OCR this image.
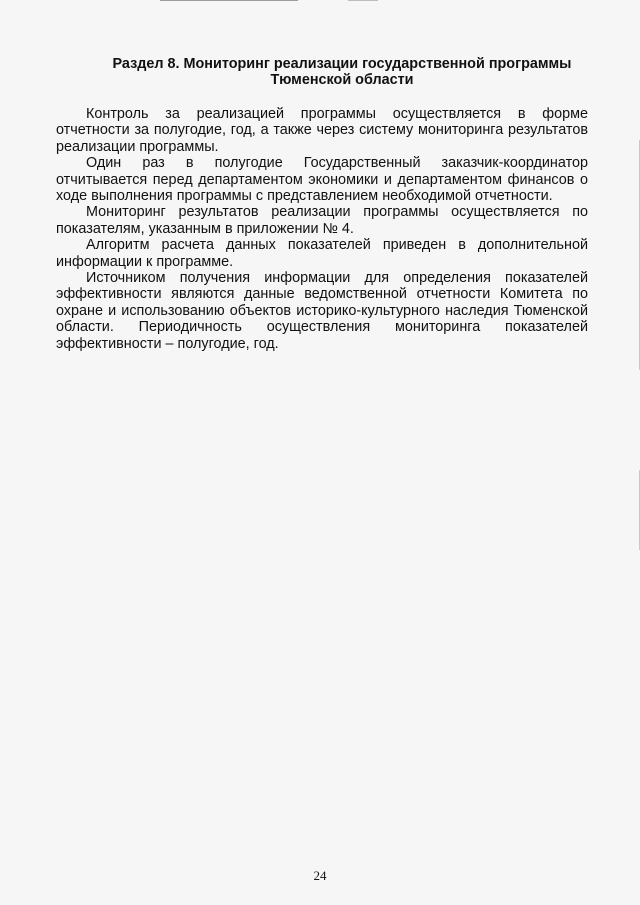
Раздел 8. Мониторинг реализации государственной программы
Тюменской области

Контроль за реализацией программы осуществляется в форме отчетности за полугодие, год, а также через систему мониторинга результатов реализации программы.

Один раз в полугодие Государственный заказчик-координатор отчитывается перед департаментом экономики и департаментом финансов о ходе выполнения программы с представлением необходимой отчетности.

Мониторинг результатов реализации программы осуществляется по показателям, указанным в приложении № 4.

Алгоритм расчета данных показателей приведен в дополнительной информации к программе.

Источником получения информации для определения показателей эффективности являются данные ведомственной отчетности Комитета по охране и использованию объектов историко-культурного наследия Тюменской области. Периодичность осуществления мониторинга показателей эффективности – полугодие, год.

24
